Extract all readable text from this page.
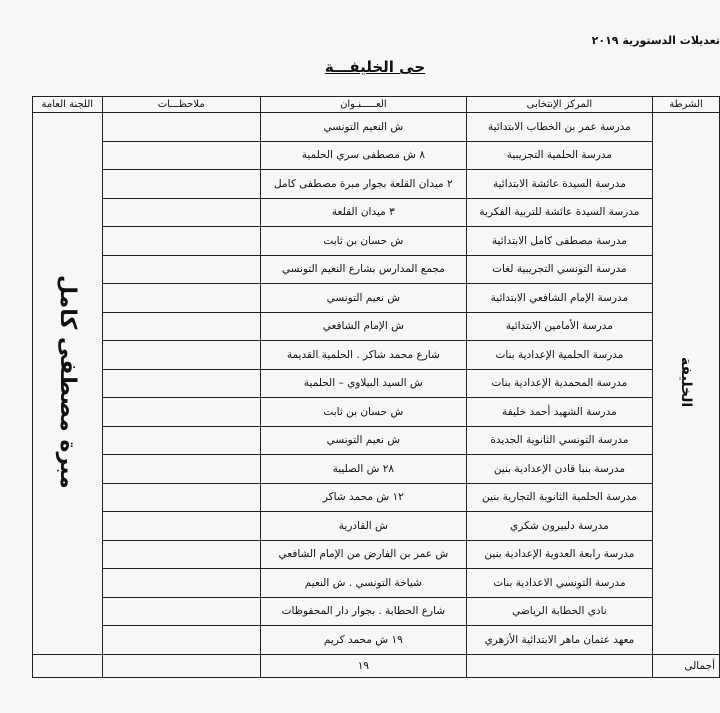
تعديلات الدستورية ٢٠١٩
حى الخليفـــة
الشرطة	المركز الإنتخابى	العـــــنـوان	ملاحظـــات	اللجنة العامة
الخليفة	مدرسة عمر بن الخطاب الابتدائية	ش النعيم التونسي		مبرة مصطفى كامل
	مدرسة الحلمية التجريبية	٨ ش مصطفى سري الحلمية		
	مدرسة السيدة عائشة الابتدائية	٢ ميدان القلعة بجوار مبرة مصطفى كامل		
	مدرسة السيدة عائشة للتربية الفكرية	٣ ميدان القلعة		
	مدرسة مصطفى كامل الابتدائية	ش حسان بن ثابت		
	مدرسة التونسي التجريبية لغات	مجمع المدارس بشارع النعيم التونسي		
	مدرسة الإمام الشافعي الابتدائية	ش نعيم التونسي		
	مدرسة الأمامين الابتدائية	ش الإمام الشافعي		
	مدرسة الحلمية الإعدادية بنات	شارع محمد شاكر . الحلمية القديمة		
	مدرسة المحمدية الإعدادية بنات	ش السيد البيلاوي – الحلمية		
	مدرسة الشهيد أحمد خليفة	ش حسان بن ثابت		
	مدرسة التونسي الثانوية الجديدة	ش نعيم التونسي		
	مدرسة بنبا قادن الإعدادية بنين	٢٨ ش الصليبة		
	مدرسة الحلمية الثانوية التجارية بنين	١٢ ش محمد شاكر		
	مدرسة دلبيرون شكري	ش القادرية		
	مدرسة رابعة العدوية الإعدادية بنين	ش عمر بن الفارض من الإمام الشافعي		
	مدرسة التونسي الاعدادية بنات	شياخة التونسي . ش النعيم		
	نادي الحطابة الرياضي	شارع الحطابة . بجوار دار المحفوظات		
	معهد عثمان ماهر الابتدائية الأزهري	١٩ ش محمد كريم		
أجمالى		١٩		
